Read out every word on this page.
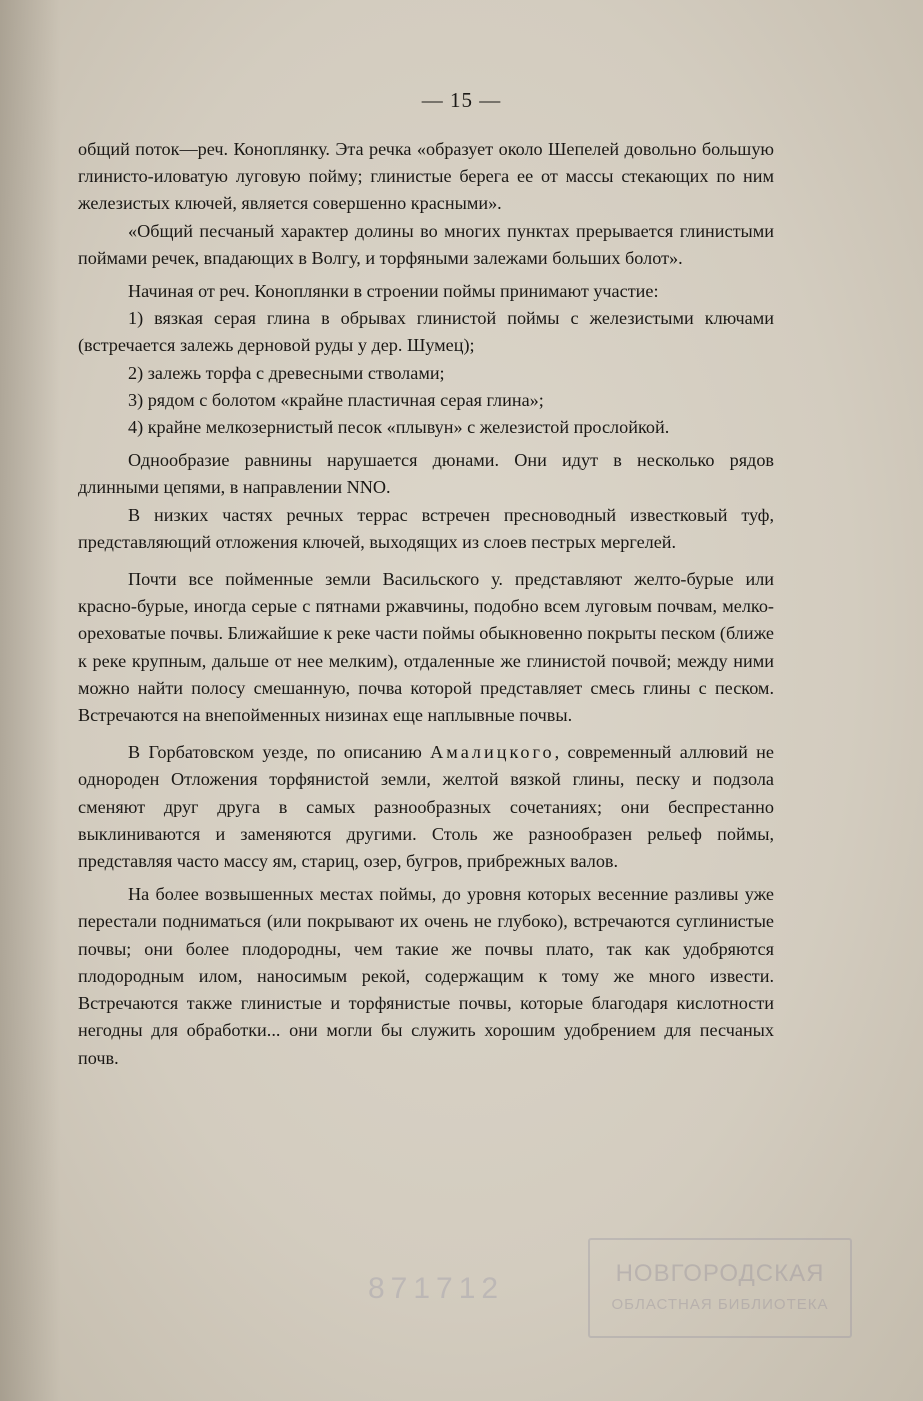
— 15 —

общий поток—реч. Коноплянку. Эта речка «образует около Шепелей довольно большую глинисто-иловатую луговую пойму; глинистые берега ее от массы стекающих по ним железистых ключей, является совершенно красными».

«Общий песчаный характер долины во многих пунктах прерывается глинистыми поймами речек, впадающих в Волгу, и торфяными залежами больших болот».

Начиная от реч. Коноплянки в строении поймы принимают участие:

1) вязкая серая глина в обрывах глинистой поймы с железистыми ключами (встречается залежь дерновой руды у дер. Шумец);

2) залежь торфа с древесными стволами;

3) рядом с болотом «крайне пластичная серая глина»;

4) крайне мелкозернистый песок «плывун» с железистой прослойкой.

Однообразие равнины нарушается дюнами. Они идут в несколько рядов длинными цепями, в направлении NNO.

В низких частях речных террас встречен пресноводный известковый туф, представляющий отложения ключей, выходящих из слоев пестрых мергелей.

Почти все пойменные земли Васильского у. представляют желто-бурые или красно-бурые, иногда серые с пятнами ржавчины, подобно всем луговым почвам, мелко-ореховатые почвы. Ближайшие к реке части поймы обыкновенно покрыты песком (ближе к реке крупным, дальше от нее мелким), отдаленные же глинистой почвой; между ними можно найти полосу смешанную, почва которой представляет смесь глины с песком. Встречаются на внепойменных низинах еще наплывные почвы.

В Горбатовском уезде, по описанию Амалицкого, современный аллювий не однороден Отложения торфянистой земли, желтой вязкой глины, песку и подзола сменяют друг друга в самых разнообразных сочетаниях; они беспрестанно выклиниваются и заменяются другими. Столь же разнообразен рельеф поймы, представляя часто массу ям, стариц, озер, бугров, прибрежных валов.

На более возвышенных местах поймы, до уровня которых весенние разливы уже перестали подниматься (или покрывают их очень не глубоко), встречаются суглинистые почвы; они более плодородны, чем такие же почвы плато, так как удобряются плодородным илом, наносимым рекой, содержащим к тому же много извести. Встречаются также глинистые и торфянистые почвы, которые благодаря кислотности негодны для обработки... они могли бы служить хорошим удобрением для песчаных почв.

871712	НОВГОРОДСКАЯ
ОБЛАСТНАЯ БИБЛИОТЕКА
